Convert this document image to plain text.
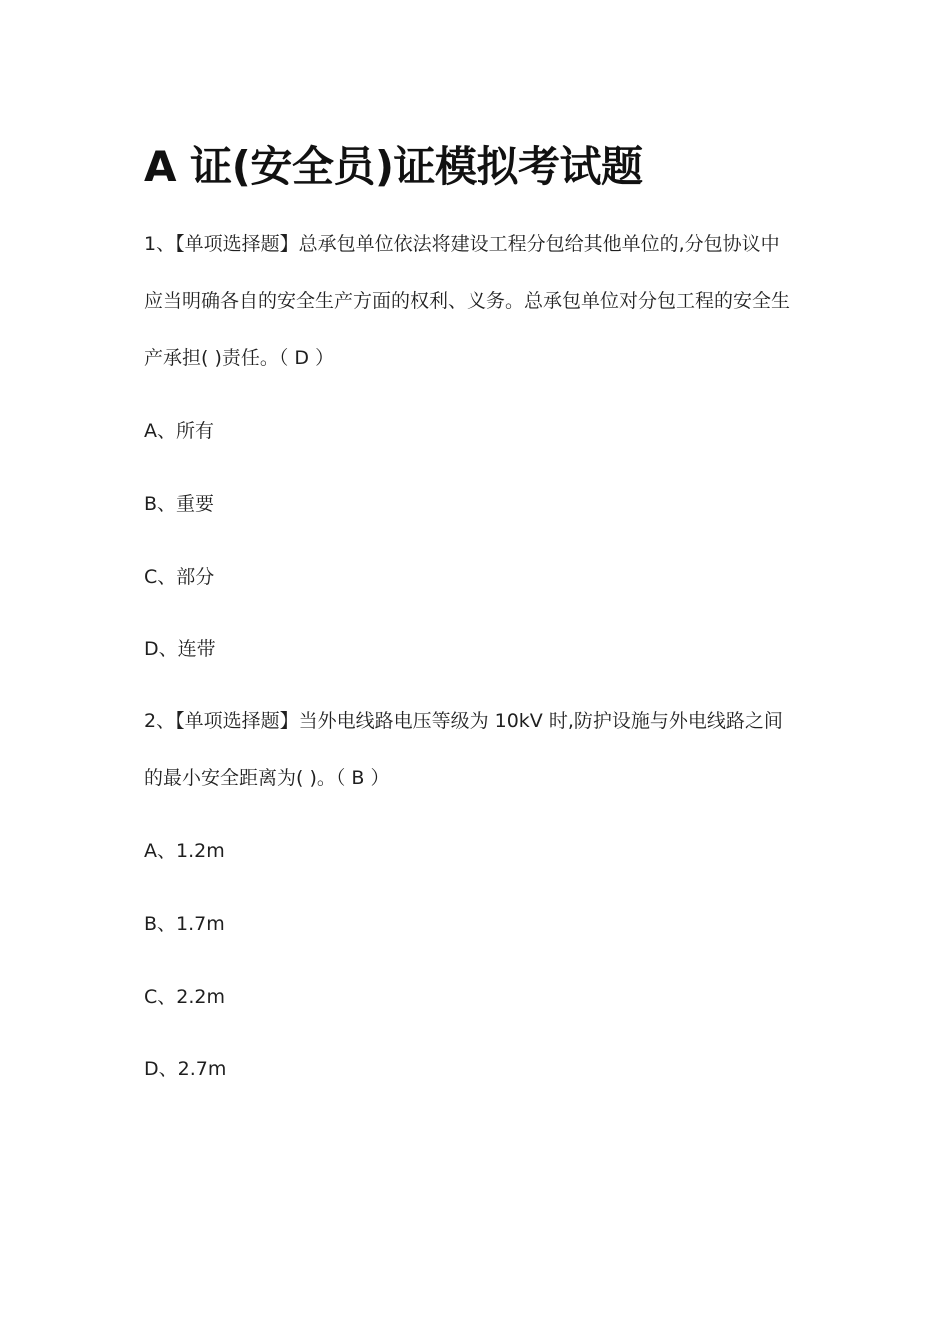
A 证(安全员)证模拟考试题

1、【单项选择题】总承包单位依法将建设工程分包给其他单位的,分包协议中

应当明确各自的安全生产方面的权利、义务。总承包单位对分包工程的安全生

产承担( )责任。（ D ）

A、所有

B、重要

C、部分

D、连带

2、【单项选择题】当外电线路电压等级为 10kV 时,防护设施与外电线路之间

的最小安全距离为( )。（ B ）

A、1.2m

B、1.7m

C、2.2m

D、2.7m
